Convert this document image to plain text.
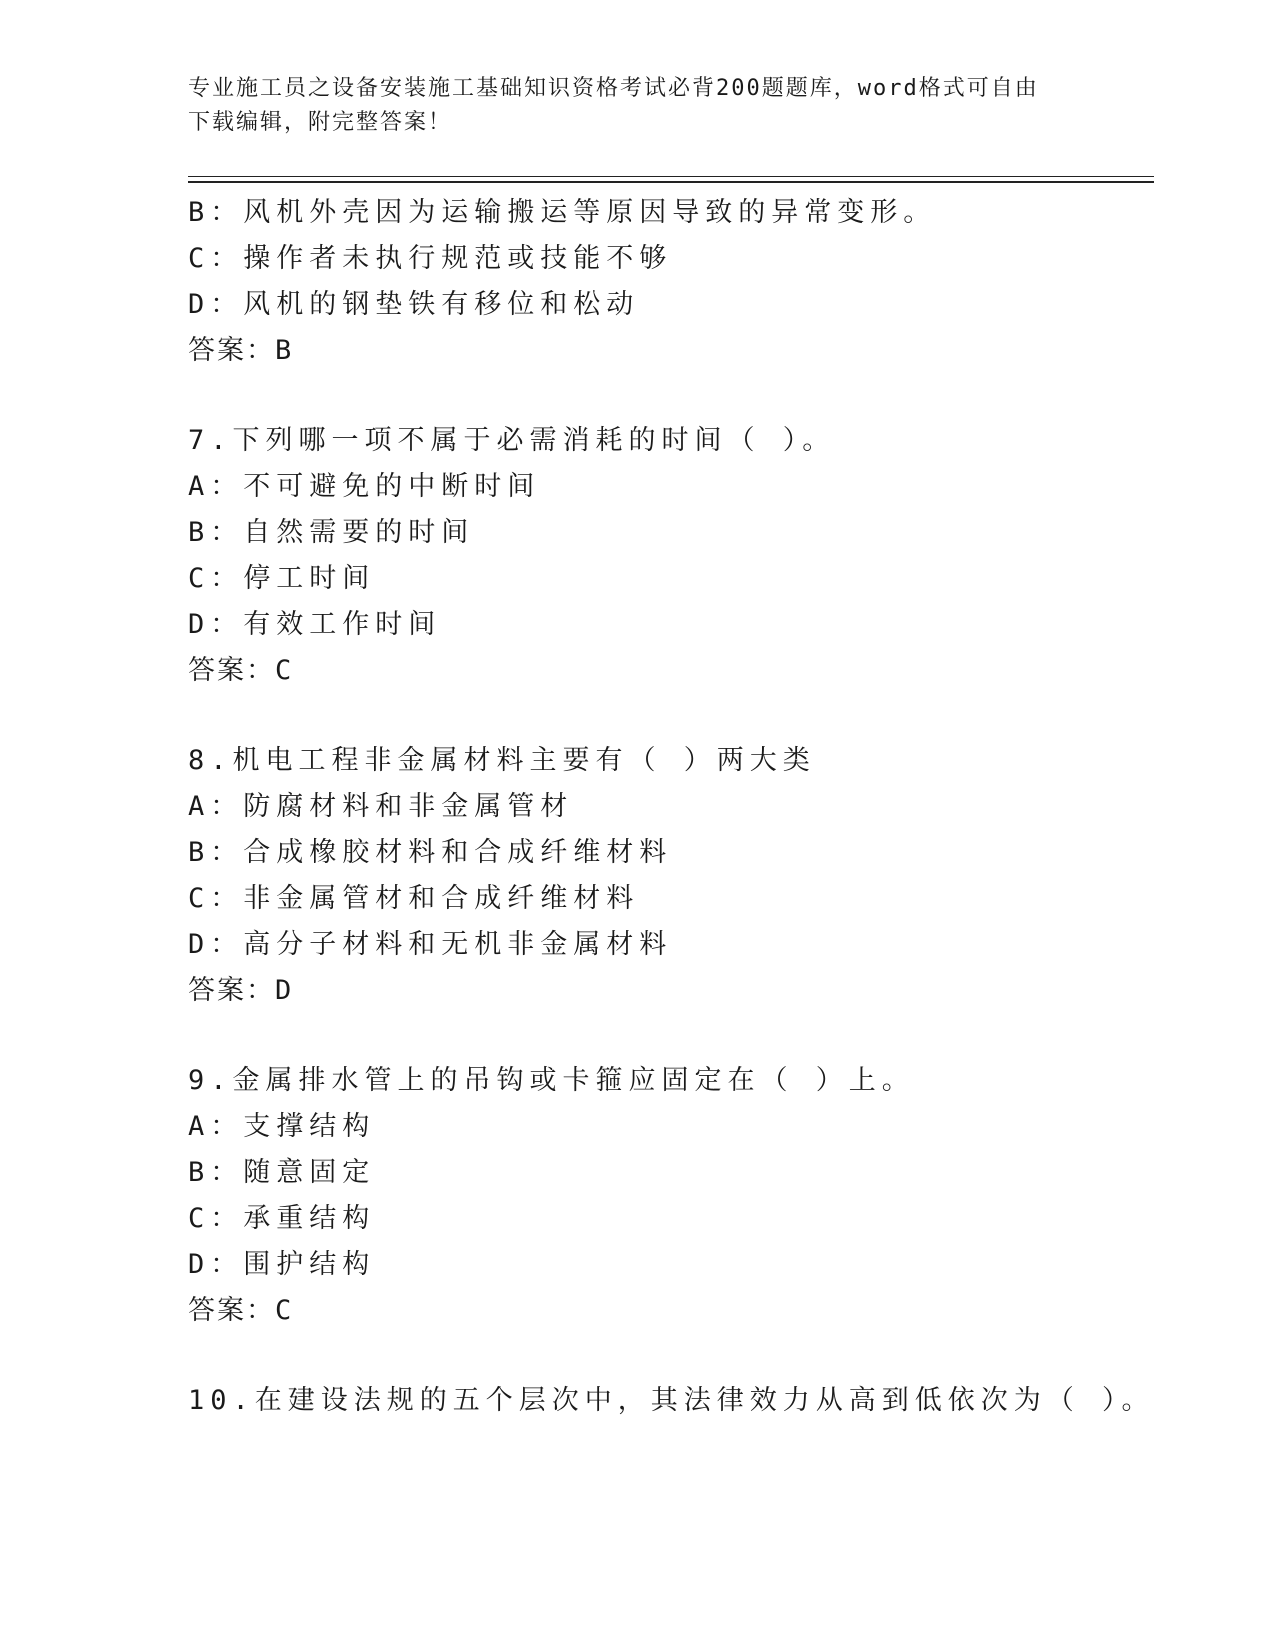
专业施工员之设备安装施工基础知识资格考试必背200题题库，word格式可自由
下载编辑，附完整答案！
B：风机外壳因为运输搬运等原因导致的异常变形。
C：操作者未执行规范或技能不够
D：风机的钢垫铁有移位和松动
答案：B
7.下列哪一项不属于必需消耗的时间（ ）。
A：不可避免的中断时间
B：自然需要的时间
C：停工时间
D：有效工作时间
答案：C
8.机电工程非金属材料主要有（ ）两大类
A：防腐材料和非金属管材
B：合成橡胶材料和合成纤维材料
C：非金属管材和合成纤维材料
D：高分子材料和无机非金属材料
答案：D
9.金属排水管上的吊钩或卡箍应固定在（ ）上。
A：支撑结构
B：随意固定
C：承重结构
D：围护结构
答案：C
10.在建设法规的五个层次中，其法律效力从高到低依次为（ ）。
